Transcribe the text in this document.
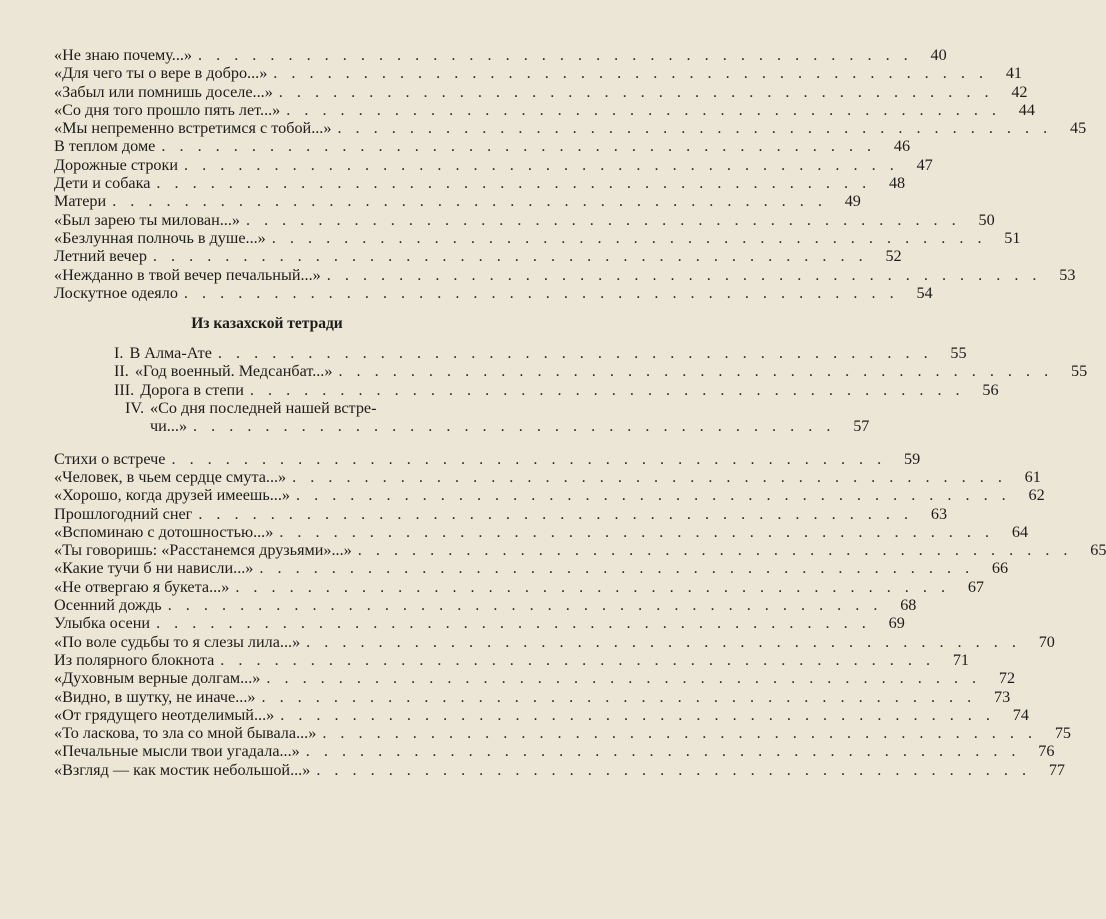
«Не знаю почему...» . . . . . . . . . . . . . . . . . . . . . . . . . . . . . . . . . . . . . . . .	40
«Для чего ты о вере в добро...» . . . . . . . . . . . . . . . . . . . . . . . . . . . . . . . . . . . . . . . .	41
«Забыл или помнишь доселе...» . . . . . . . . . . . . . . . . . . . . . . . . . . . . . . . . . . . . . . . .	42
«Со дня того прошло пять лет...» . . . . . . . . . . . . . . . . . . . . . . . . . . . . . . . . . . . . . . . .	44
«Мы непременно встретимся с тобой...» . . . . . . . . . . . . . . . . . . . . . . . . . . . . . . . . . . . . . . . .	45
В теплом доме . . . . . . . . . . . . . . . . . . . . . . . . . . . . . . . . . . . . . . . .	46
Дорожные строки . . . . . . . . . . . . . . . . . . . . . . . . . . . . . . . . . . . . . . . .	47
Дети и собака . . . . . . . . . . . . . . . . . . . . . . . . . . . . . . . . . . . . . . . .	48
Матери . . . . . . . . . . . . . . . . . . . . . . . . . . . . . . . . . . . . . . . .	49
«Был зарею ты милован...» . . . . . . . . . . . . . . . . . . . . . . . . . . . . . . . . . . . . . . . .	50
«Безлунная полночь в душе...» . . . . . . . . . . . . . . . . . . . . . . . . . . . . . . . . . . . . . . . .	51
Летний вечер . . . . . . . . . . . . . . . . . . . . . . . . . . . . . . . . . . . . . . . .	52
«Нежданно в твой вечер печальный...» . . . . . . . . . . . . . . . . . . . . . . . . . . . . . . . . . . . . . . . .	53
Лоскутное одеяло . . . . . . . . . . . . . . . . . . . . . . . . . . . . . . . . . . . . . . . .	54
Из казахской тетради
I. В Алма-Ате . . . . . . . . . . . . . . . . . . . . . . . . . . . . . . . . . . . . . . . .	55
II. «Год военный. Медсанбат...» . . . . . . . . . . . . . . . . . . . . . . . . . . . . . . . . . . . . . . . .	55
III. Дорога в степи . . . . . . . . . . . . . . . . . . . . . . . . . . . . . . . . . . . . . . . .	56
IV. «Со дня последней нашей встре-
чи...» . . . . . . . . . . . . . . . . . . . . . . . . . . . . . . . . . . . .	57
Стихи о встрече . . . . . . . . . . . . . . . . . . . . . . . . . . . . . . . . . . . . . . . .	59
«Человек, в чьем сердце смута...» . . . . . . . . . . . . . . . . . . . . . . . . . . . . . . . . . . . . . . . .	61
«Хорошо, когда друзей имеешь...» . . . . . . . . . . . . . . . . . . . . . . . . . . . . . . . . . . . . . . . .	62
Прошлогодний снег . . . . . . . . . . . . . . . . . . . . . . . . . . . . . . . . . . . . . . . .	63
«Вспоминаю с дотошностью...» . . . . . . . . . . . . . . . . . . . . . . . . . . . . . . . . . . . . . . . .	64
«Ты говоришь: «Расстанемся друзьями»...» . . . . . . . . . . . . . . . . . . . . . . . . . . . . . . . . . . . . . . . .	65
«Какие тучи б ни нависли...» . . . . . . . . . . . . . . . . . . . . . . . . . . . . . . . . . . . . . . . .	66
«Не отвергаю я букета...» . . . . . . . . . . . . . . . . . . . . . . . . . . . . . . . . . . . . . . . .	67
Осенний дождь . . . . . . . . . . . . . . . . . . . . . . . . . . . . . . . . . . . . . . . .	68
Улыбка осени . . . . . . . . . . . . . . . . . . . . . . . . . . . . . . . . . . . . . . . .	69
«По воле судьбы то я слезы лила...» . . . . . . . . . . . . . . . . . . . . . . . . . . . . . . . . . . . . . . . .	70
Из полярного блокнота . . . . . . . . . . . . . . . . . . . . . . . . . . . . . . . . . . . . . . . .	71
«Духовным верные долгам...» . . . . . . . . . . . . . . . . . . . . . . . . . . . . . . . . . . . . . . . .	72
«Видно, в шутку, не иначе...» . . . . . . . . . . . . . . . . . . . . . . . . . . . . . . . . . . . . . . . .	73
«От грядущего неотделимый...» . . . . . . . . . . . . . . . . . . . . . . . . . . . . . . . . . . . . . . . .	74
«То ласкова, то зла со мной бывала...» . . . . . . . . . . . . . . . . . . . . . . . . . . . . . . . . . . . . . . . .	75
«Печальные мысли твои угадала...» . . . . . . . . . . . . . . . . . . . . . . . . . . . . . . . . . . . . . . . .	76
«Взгляд — как мостик небольшой...» . . . . . . . . . . . . . . . . . . . . . . . . . . . . . . . . . . . . . . . .	77
